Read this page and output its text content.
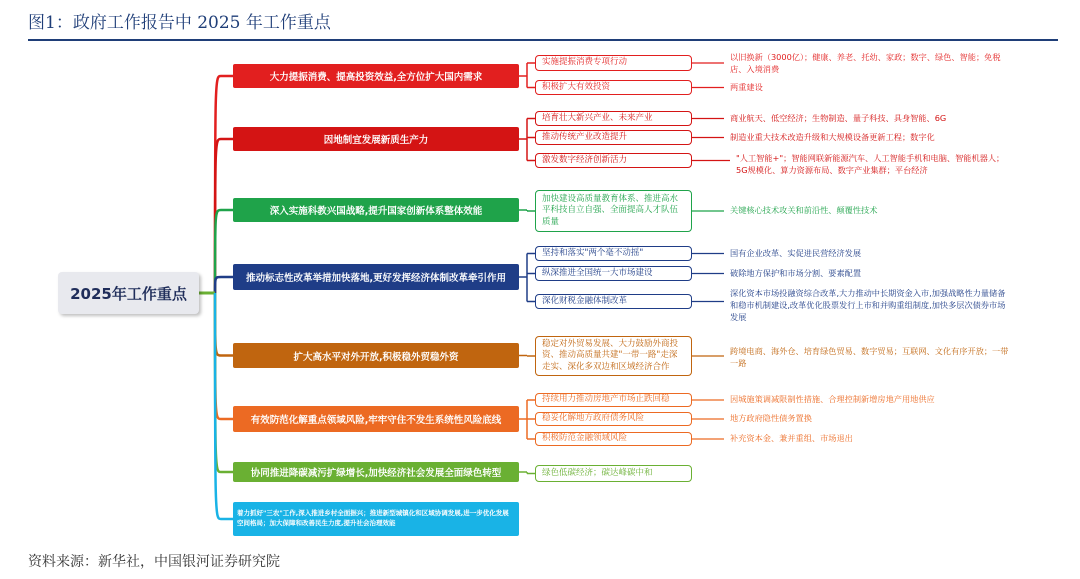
图1：政府工作报告中 2025 年工作重点
2025年工作重点
大力提振消费、提高投资效益,全方位扩大国内需求
实施提振消费专项行动
以旧换新（3000亿）；健康、养老、托幼、家政；数字、绿色、智能；免税
店、入境消费
积极扩大有效投资	两重建设
因地制宜发展新质生产力
培育壮大新兴产业、未来产业	商业航天、低空经济；生物制造、量子科技、具身智能、6G
推动传统产业改造提升	制造业重大技术改造升级和大规模设备更新工程；数字化
激发数字经济创新活力	"人工智能+"；智能网联新能源汽车、人工智能手机和电脑、智能机器人；
5G规模化、算力资源布局、数字产业集群；平台经济
深入实施科教兴国战略,提升国家创新体系整体效能
加快建设高质量教育体系、推进高水平科技自立自强、全面提高人才队伍质量
关键核心技术攻关和前沿性、颠覆性技术
推动标志性改革举措加快落地,更好发挥经济体制改革牵引作用
坚持和落实"两个毫不动摇"	国有企业改革、实促进民营经济发展
纵深推进全国统一大市场建设	破除地方保护和市场分割、要素配置
深化财税金融体制改革
深化资本市场投融资综合改革,大力推动中长期资金入市,加强战略性力量储备
和稳市机制建设,改革优化股票发行上市和并购重组制度,加快多层次债券市场
发展
扩大高水平对外开放,积极稳外贸稳外资
稳定对外贸易发展、大力鼓励外商投资、推动高质量共建"一带一路"走深走实、深化多双边和区域经济合作
跨境电商、海外仓、培育绿色贸易、数字贸易；互联网、文化有序开放；一带
一路
有效防范化解重点领域风险,牢牢守住不发生系统性风险底线
持续用力推动房地产市场止跌回稳	因城施策调减限制性措施、合理控制新增房地产用地供应
稳妥化解地方政府债务风险	地方政府隐性债务置换
积极防范金融领域风险	补充资本金、兼并重组、市场退出
协同推进降碳减污扩绿增长,加快经济社会发展全面绿色转型	绿色低碳经济；碳达峰碳中和
着力抓好"三农"工作,深入推进乡村全面振兴；推进新型城镇化和区域协调发展,进一步优化发展空间格局；加大保障和改善民生力度,提升社会治理效能
资料来源：新华社，中国银河证券研究院
